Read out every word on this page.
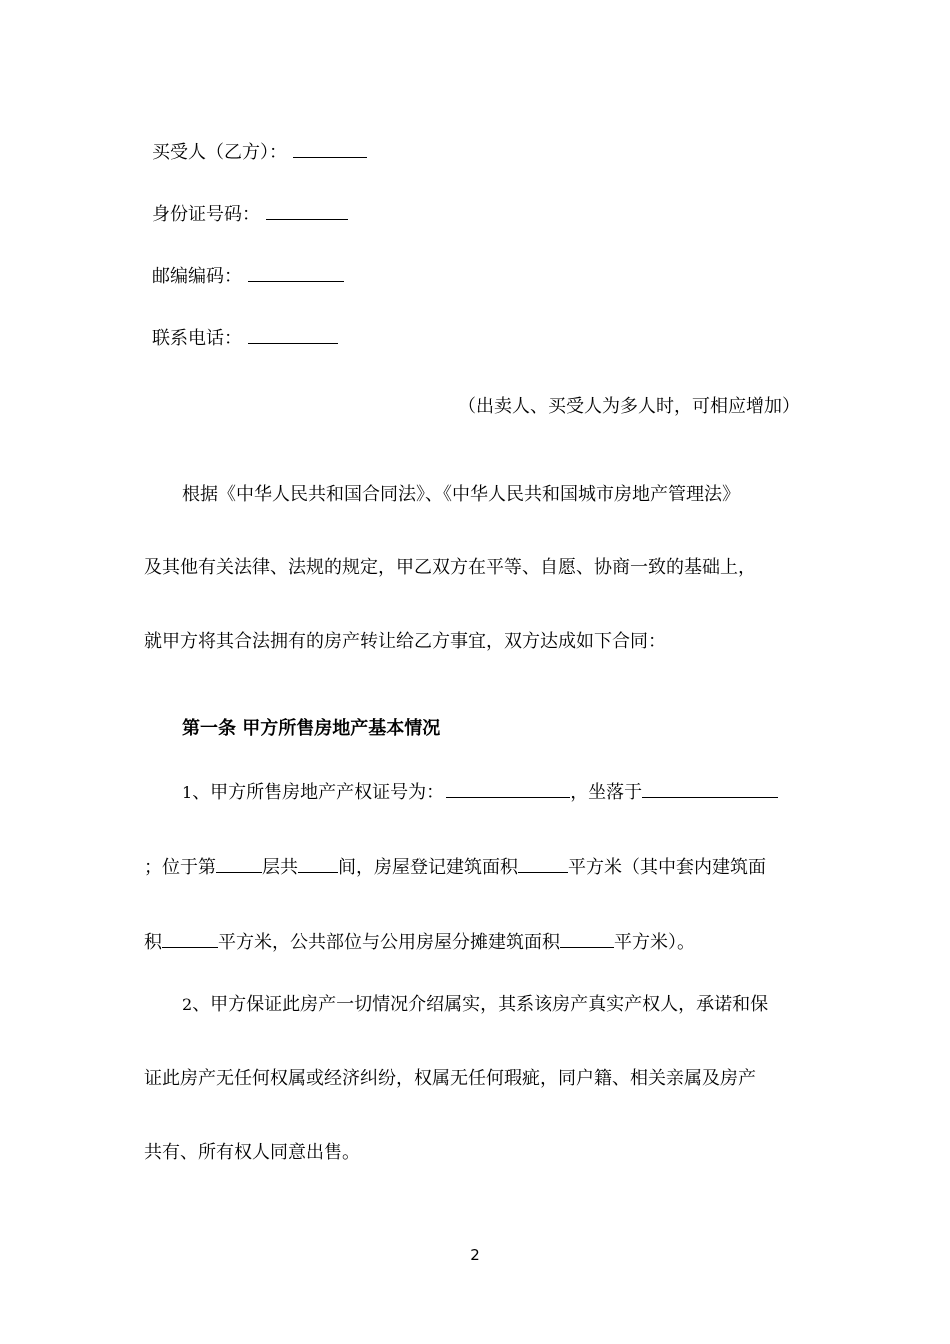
买受人（乙方）：
身份证号码：
邮编编码：
联系电话：
（出卖人、买受人为多人时，可相应增加）
根据《中华人民共和国合同法》、《中华人民共和国城市房地产管理法》
及其他有关法律、法规的规定，甲乙双方在平等、自愿、协商一致的基础上，
就甲方将其合法拥有的房产转让给乙方事宜，双方达成如下合同：
第一条 甲方所售房地产基本情况
1、甲方所售房地产产权证号为：	，坐落于
；位于第	层共 间，房屋登记建筑面积	平方米（其中套内建筑面
积	平方米，公共部位与公用房屋分摊建筑面积	平方米）。
2、甲方保证此房产一切情况介绍属实，其系该房产真实产权人，承诺和保
证此房产无任何权属或经济纠纷，权属无任何瑕疵，同户籍、相关亲属及房产
共有、所有权人同意出售。
2
